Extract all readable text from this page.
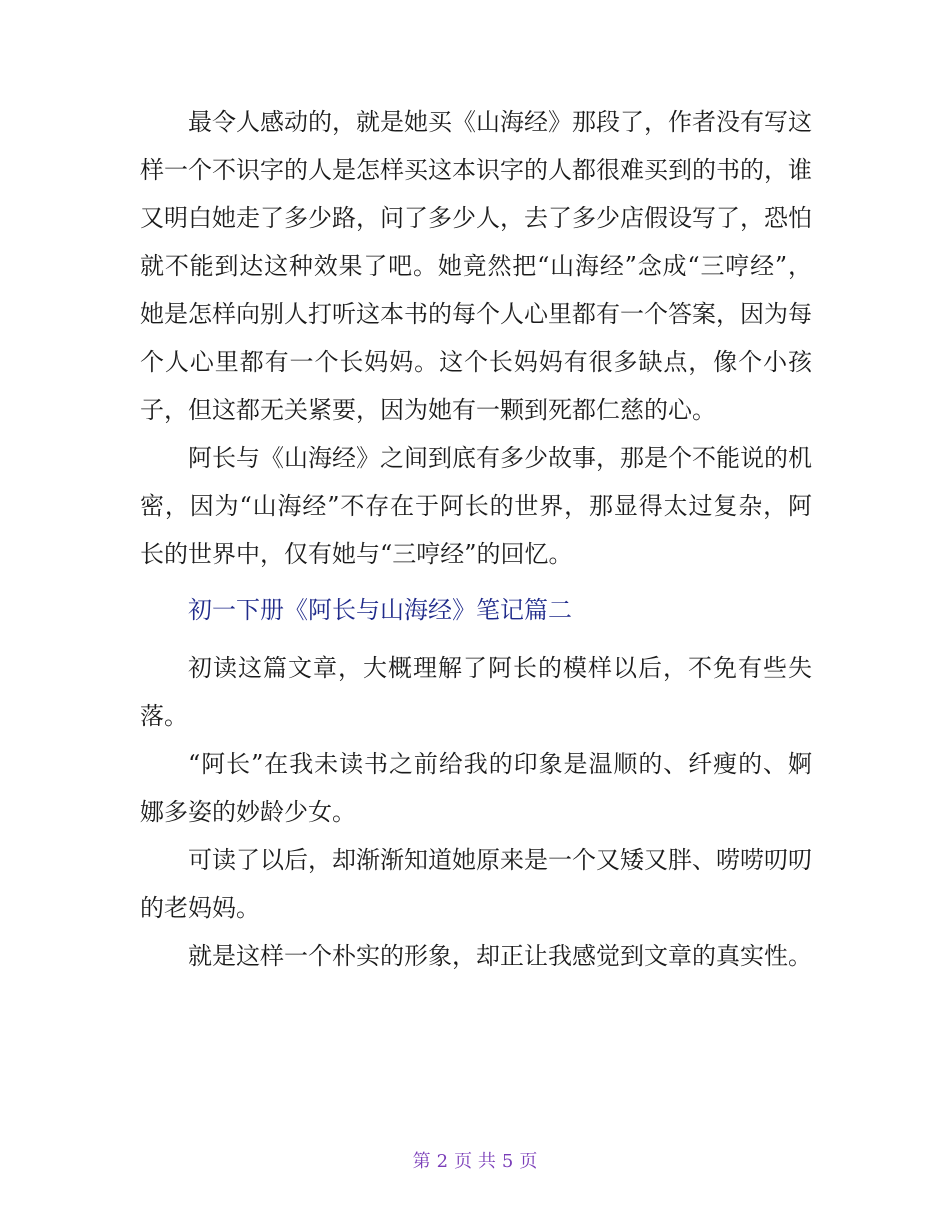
最令人感动的，就是她买《山海经》那段了，作者没有写这样一个不识字的人是怎样买这本识字的人都很难买到的书的，谁又明白她走了多少路，问了多少人，去了多少店假设写了，恐怕就不能到达这种效果了吧。她竟然把“山海经”念成“三哼经”，她是怎样向别人打听这本书的每个人心里都有一个答案，因为每个人心里都有一个长妈妈。这个长妈妈有很多缺点，像个小孩子，但这都无关紧要，因为她有一颗到死都仁慈的心。

阿长与《山海经》之间到底有多少故事，那是个不能说的机密，因为“山海经”不存在于阿长的世界，那显得太过复杂，阿长的世界中，仅有她与“三哼经”的回忆。

初一下册《阿长与山海经》笔记篇二

初读这篇文章，大概理解了阿长的模样以后，不免有些失落。

“阿长”在我未读书之前给我的印象是温顺的、纤瘦的、婀娜多姿的妙龄少女。

可读了以后，却渐渐知道她原来是一个又矮又胖、唠唠叨叨的老妈妈。

就是这样一个朴实的形象，却正让我感觉到文章的真实性。

第 2 页 共 5 页
